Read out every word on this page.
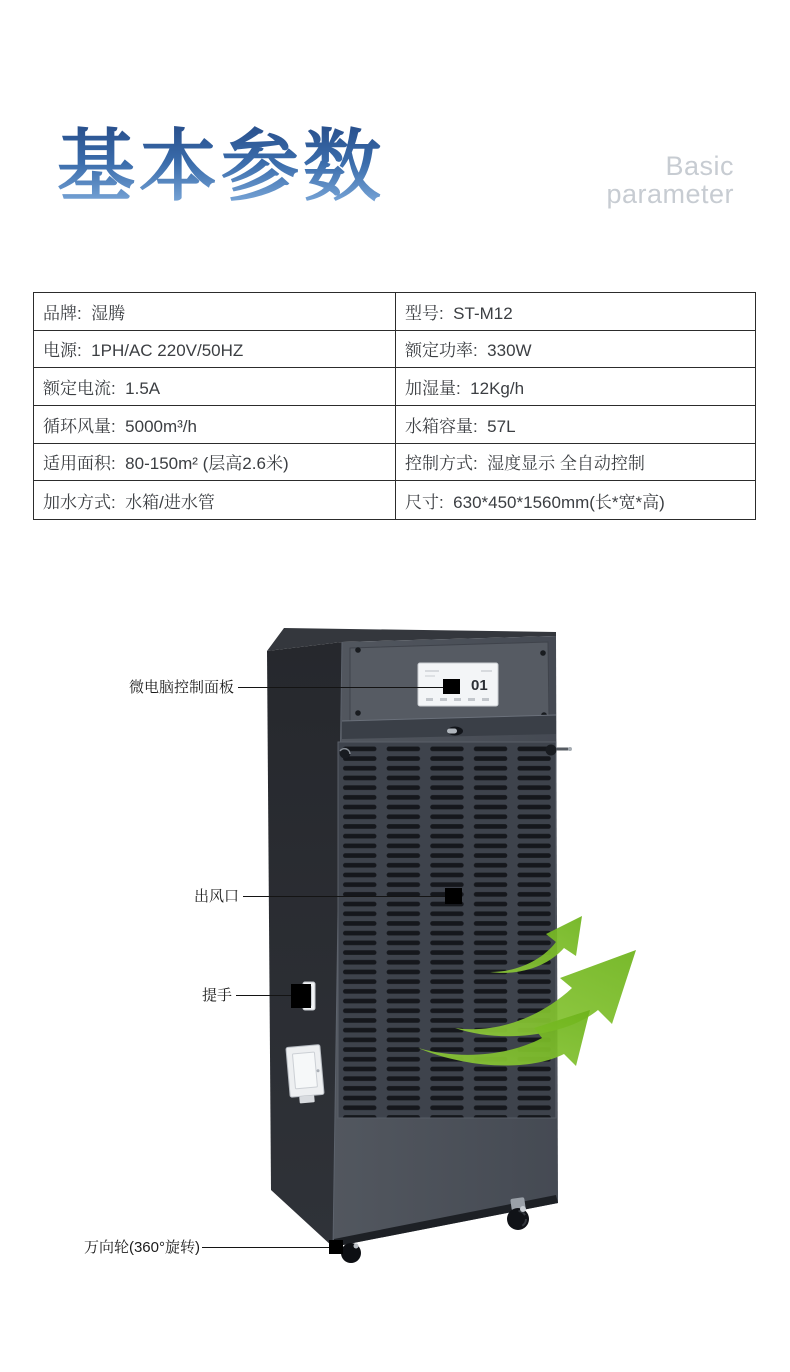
基本参数	Basic
parameter
品牌:  湿腾	型号:  ST-M12
电源:  1PH/AC 220V/50HZ	额定功率:  330W
额定电流:  1.5A	加湿量:  12Kg/h
循环风量:  5000m³/h	水箱容量:  57L
适用面积:  80-150m² (层高2.6米)	控制方式:  湿度显示 全自动控制
加水方式:  水箱/进水管	尺寸:  630*450*1560mm(长*宽*高)
01
微电脑控制面板
出风口
提手
万向轮(360°旋转)
